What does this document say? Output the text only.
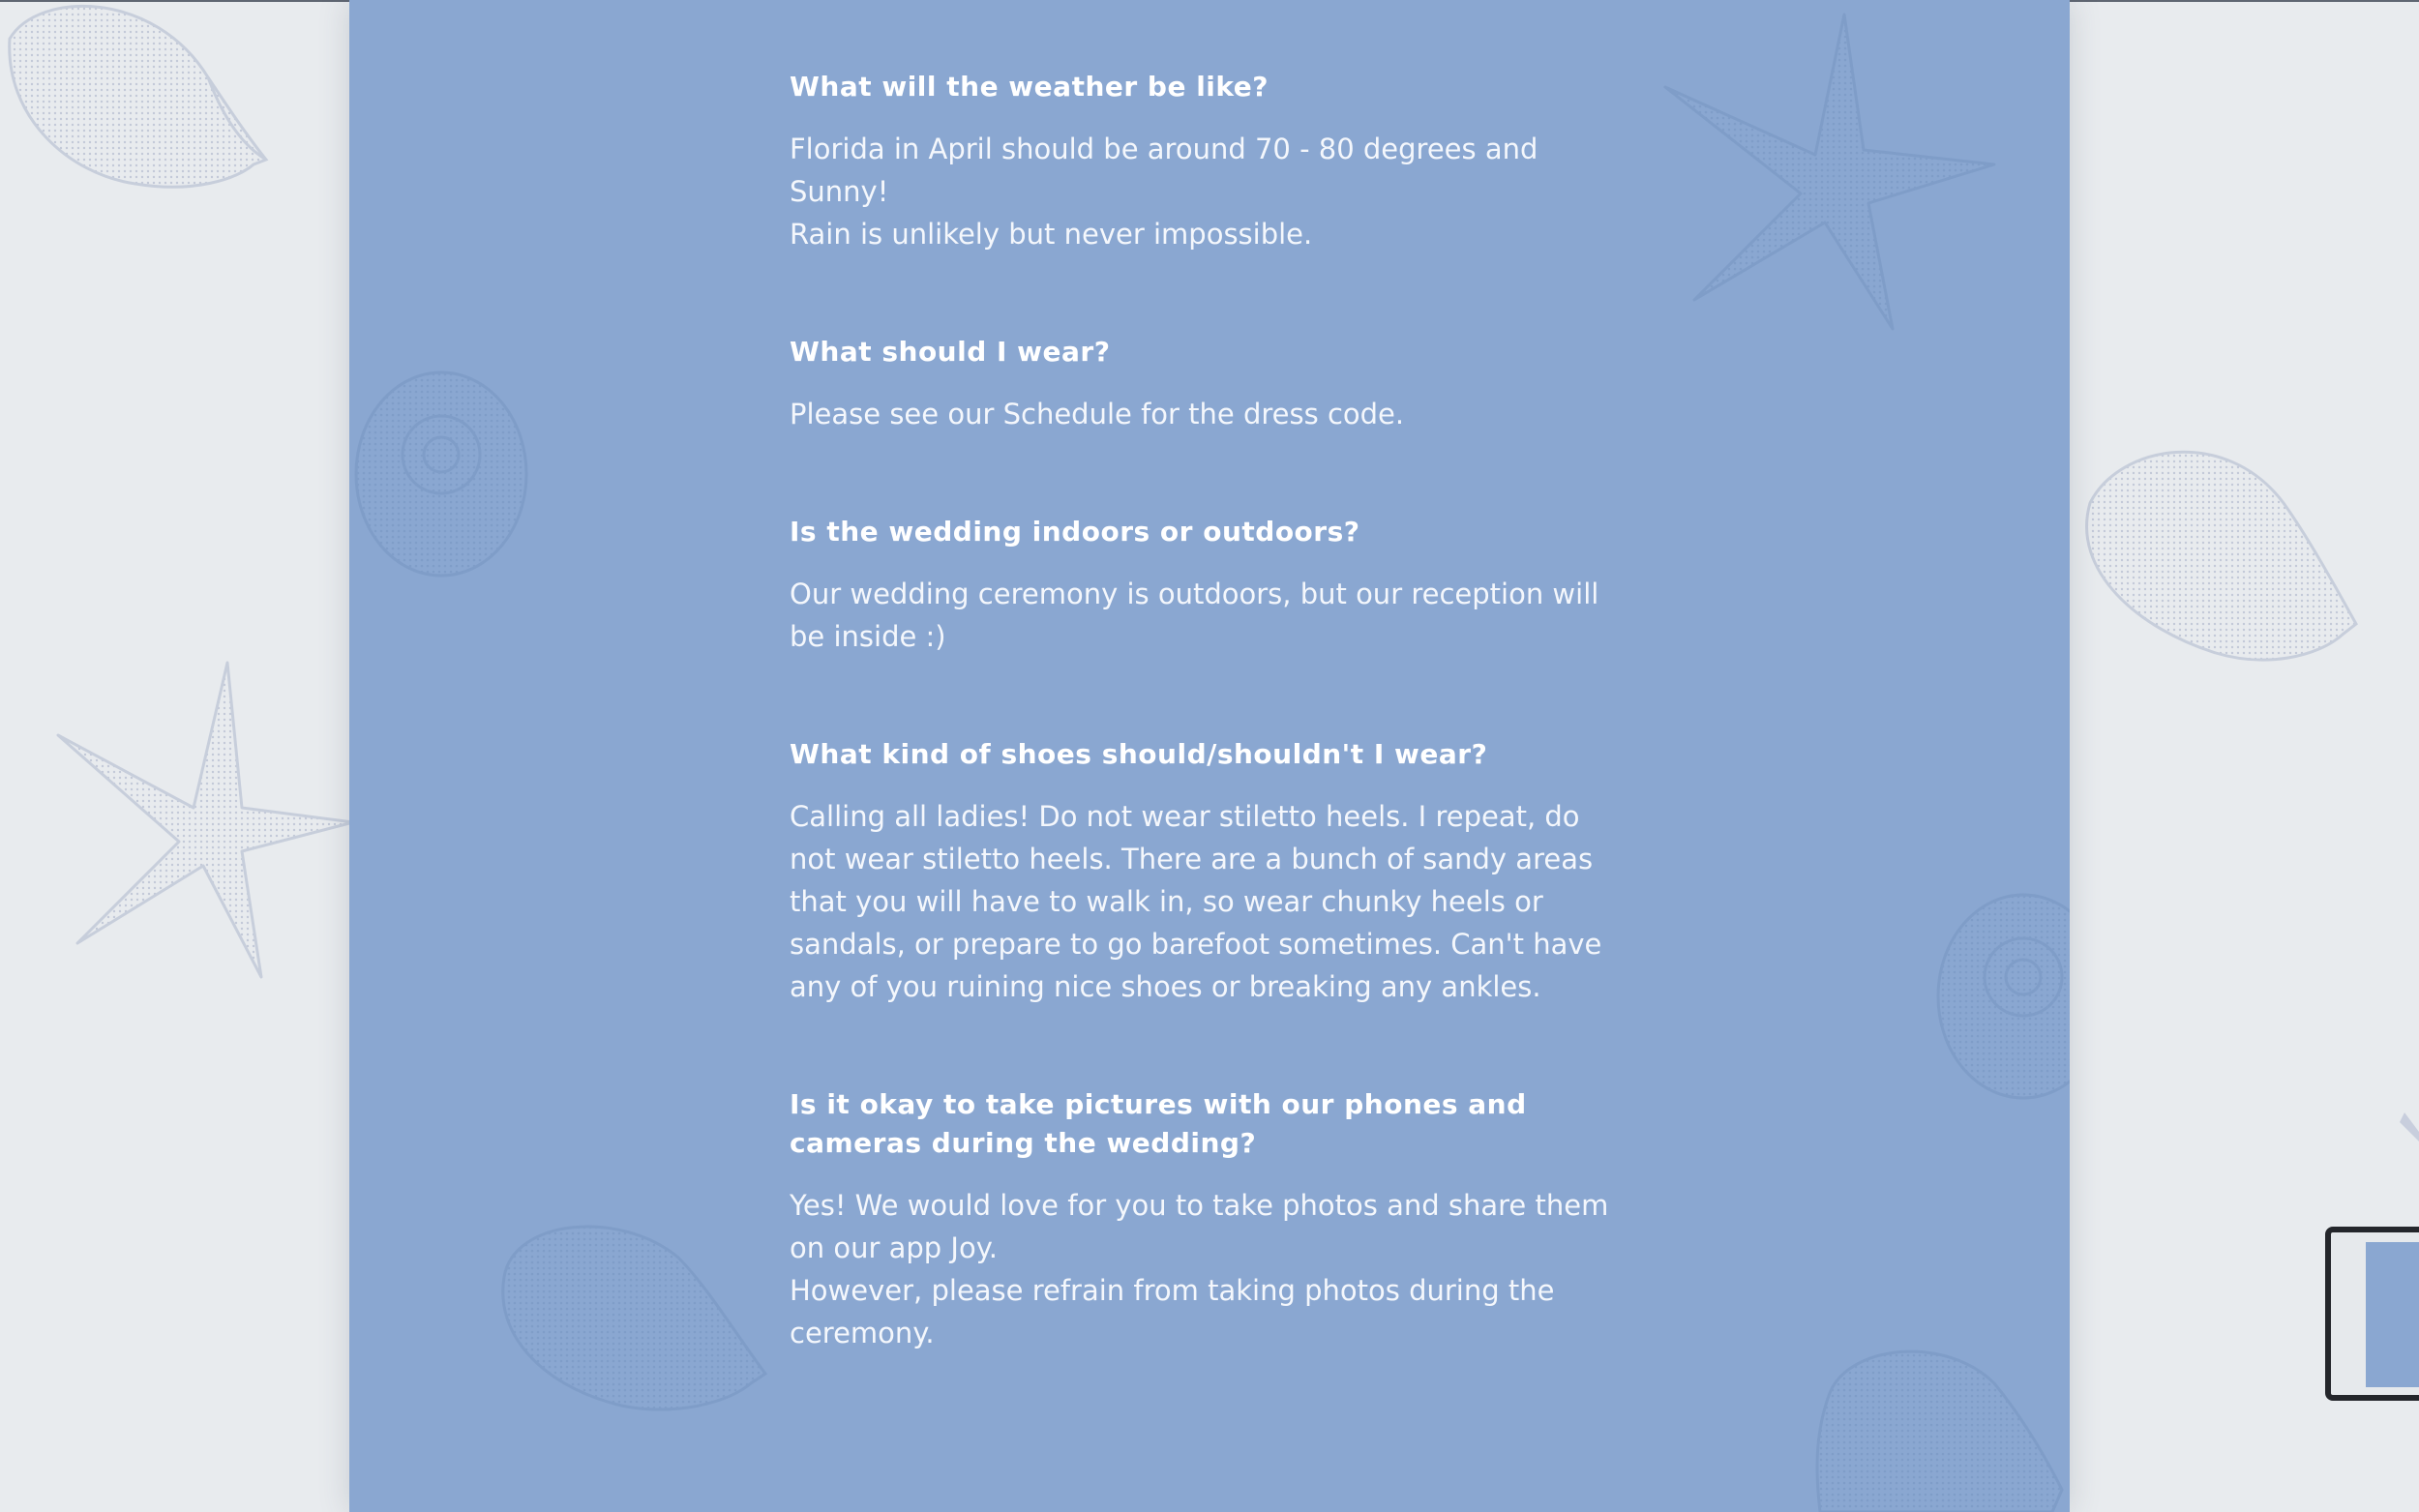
What will the weather be like?

Florida in April should be around 70 - 80 degrees and Sunny!
Rain is unlikely but never impossible.

What should I wear?

Please see our Schedule for the dress code.

Is the wedding indoors or outdoors?

Our wedding ceremony is outdoors, but our reception will be inside :)

What kind of shoes should/shouldn't I wear?

Calling all ladies! Do not wear stiletto heels. I repeat, do not wear stiletto heels. There are a bunch of sandy areas that you will have to walk in, so wear chunky heels or sandals, or prepare to go barefoot sometimes. Can't have any of you ruining nice shoes or breaking any ankles.

Is it okay to take pictures with our phones and cameras during the wedding?

Yes! We would love for you to take photos and share them on our app Joy.
However, please refrain from taking photos during the ceremony.
